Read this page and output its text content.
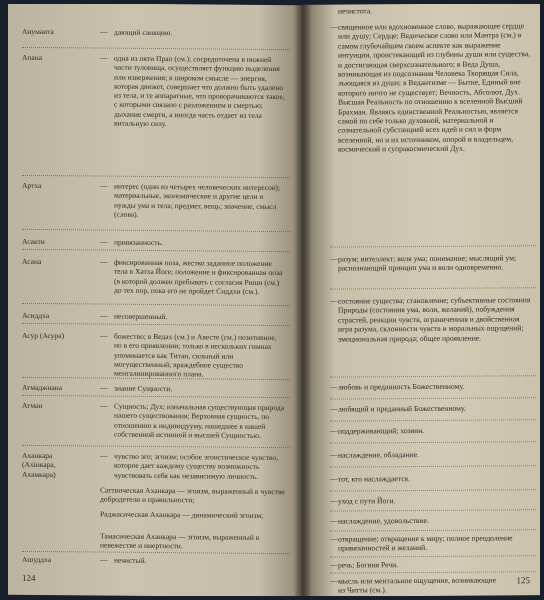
Анумаита	— дающий санкцию.
Апана	— одна из пяти Прап (см.); сосредоточена в нижней части туловища, осуществляет функцию выделения или извержения; в широком смысле — энергия, которая движет, совершает что должно быть удалено из тела, и те аппаратные, что проворачиваются такое, с которыми связано с разложением и смертью; дыхание смерти, а иногда часть отдает из тела витальную силу.
Артха	— интерес (один из четырех человеческих интересов); материальные, экономические и другие цели и нужды ума и тела; предмет, вещь; значение, смысл (слова).
Асакти	— привязанность.
Асана	— фиксированная поза, жестко заданное положение тела в Хатха Йоге; положение и фиксированная поза (в которой должен пребывать с согласия Риши (см.) до тех пор, пока его не пройдет Сиддхи (см.).
Асиддха	— несовершенный.
Асур (Асура)	— божество; в Ведах (см.) и Авесте (см.) позитивное, но в его проявлении; только в нескольких гимнах упоминается как Титан, сильный или могущественный; враждебное существо менталинированного плана.
Атмаджнана	— знание Сущности.
Атман	— Сущность; Дух; изначальная существующая природа нашего существования; Верховная сущность, по отношению к индивидууму, нашедшее в нашей собственной истинной и высшей Сущностью.
Аханкара (Ахінкара, Ахамкара)
— чувство эго; эгоизм; особое эгоистическое чувство, которое дает каждому существу возможность чувствовать себя как независимую личность.
Саттвическая Аханкара — эгоизм, выраженный в чувстве добродетели и правильности;
Раджасическая Аханкара — динамический эгоизм;
Тамасическая Аханкара — эгоизм, выраженный в невежестве и инертности.
Ашуддха	— нечистый.
124
нечистота.
— священное или вдохновенное слово, выражающее сердце или душу; Сердце; Ведическое слово или Мантра (см.) в самом глубочайшем своем аспекте как выражение интуиции, проистекающей из глубины души или существа, и достигающая сверхсознательного; в Веда Душа, возникающая из подсознания Человека Творящая Сила, льющаяся из души; в Ведантизме — Бытие, Единый вне которого ничто не существует; Вечность, Абсолют, Дух. Высшая Реальность по отношению к вселенной Высший Брахман. Являясь единственной Реальностью, является самой по себе только духовной, материальной и сознательной субстанцией всех идей и сил и форм вселенной, но и их источником, опорой и владельцем, космический и супракосмический Дух.
— разум; интеллект; воля ума; понимание; мыслящий ум; распознающий принцип ума и воли одновременно.
— состояние существа; становление; субъективные состояния Природы (состояния ума, воли, желаний), побуждения страстей, реакции чувств, ограниченная и двойственная игра разума, склонности чувств и моральных ощущений; эмоциональная природа; общее проявление.
— любовь и преданность Божественному.
— любящий и преданный Божественному.
— поддерживающий; хозяин.
— наслаждение, обладание.
— тот, кто наслаждается.
— уход с пути Йоги.
— наслаждение, удовольствие.
— отвращение; отвращение к миру; полное преодоление привязанностей и желаний.
— речь; Богиня Речи.
— мысль или ментальное ощущение, возникающие из Читты (см.).
125
